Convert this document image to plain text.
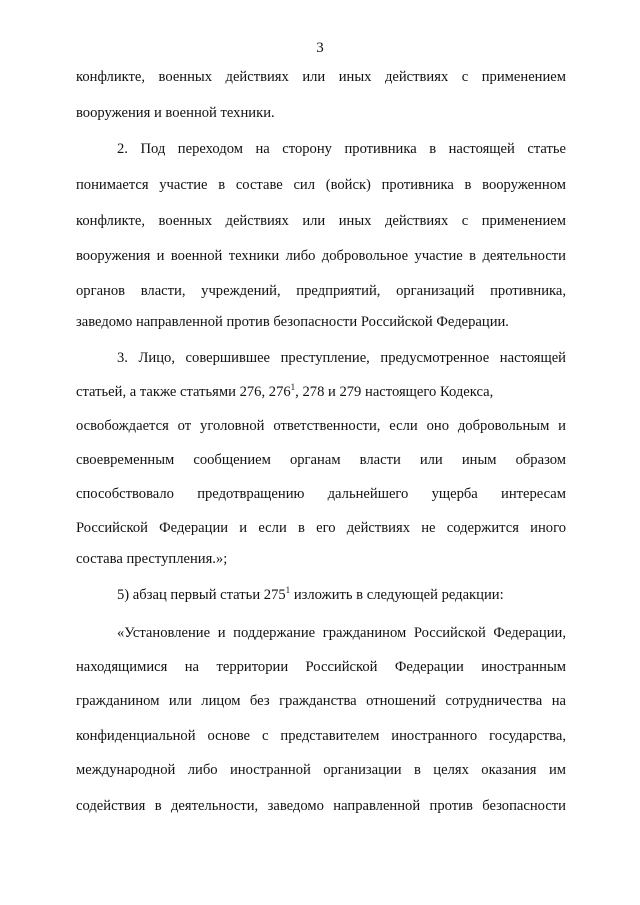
3
конфликте, военных действиях или иных действиях с применением
вооружения и военной техники.
2. Под переходом на сторону противника в настоящей статье
понимается участие в составе сил (войск) противника в вооруженном
конфликте, военных действиях или иных действиях с применением
вооружения и военной техники либо добровольное участие в деятельности
органов власти, учреждений, предприятий, организаций противника,
заведомо направленной против безопасности Российской Федерации.
3. Лицо, совершившее преступление, предусмотренное настоящей
статьей, а также статьями 276, $276^1$, 278 и 279 настоящего Кодекса,
освобождается от уголовной ответственности, если оно добровольным и
своевременным сообщением органам власти или иным образом
способствовало предотвращению дальнейшего ущерба интересам
Российской Федерации и если в его действиях не содержится иного
состава преступления.»;
5) абзац первый статьи $275^1$ изложить в следующей редакции:
«Установление и поддержание гражданином Российской Федерации,
находящимися на территории Российской Федерации иностранным
гражданином или лицом без гражданства отношений сотрудничества на
конфиденциальной основе с представителем иностранного государства,
международной либо иностранной организации в целях оказания им
содействия в деятельности, заведомо направленной против безопасности
